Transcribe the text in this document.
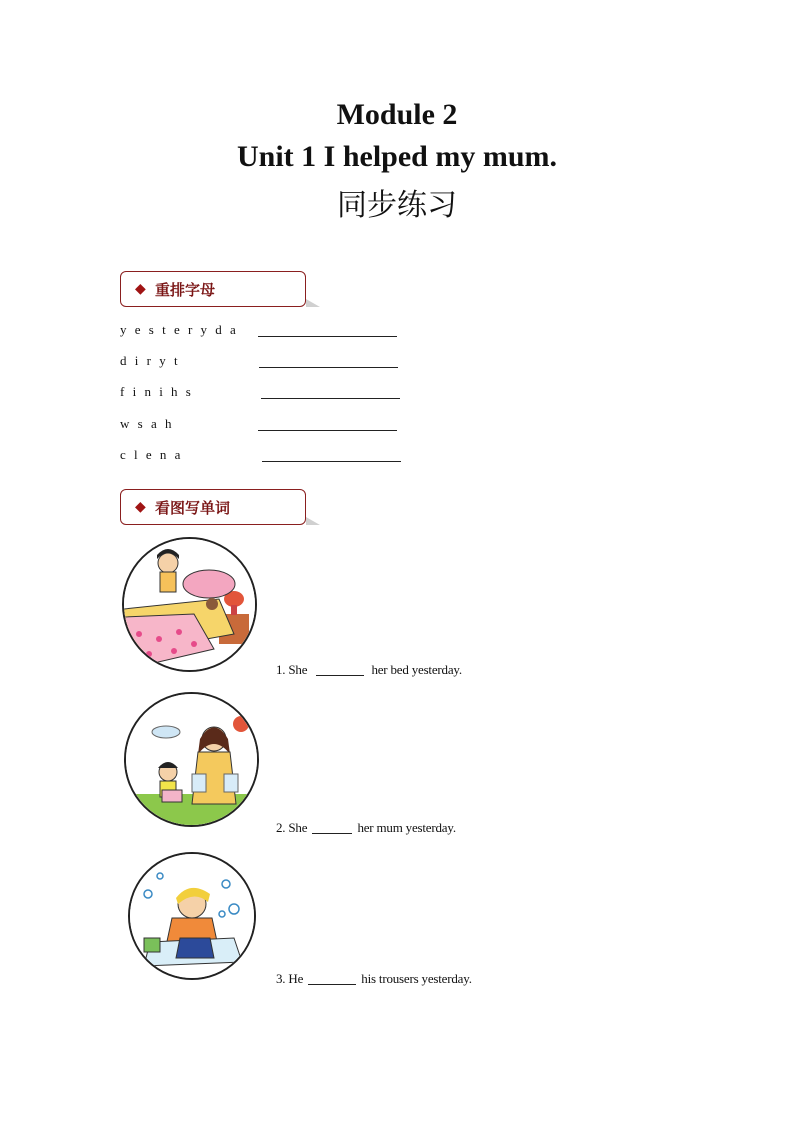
Module 2
Unit 1 I helped my mum.
同步练习
◆ 重排字母
y e s t e r y d a
d i r y t
f i n i h s
w s a h
c l e n a
◆ 看图写单词
1. She	her bed yesterday.
2. She	her mum yesterday.
3. He	his trousers yesterday.
